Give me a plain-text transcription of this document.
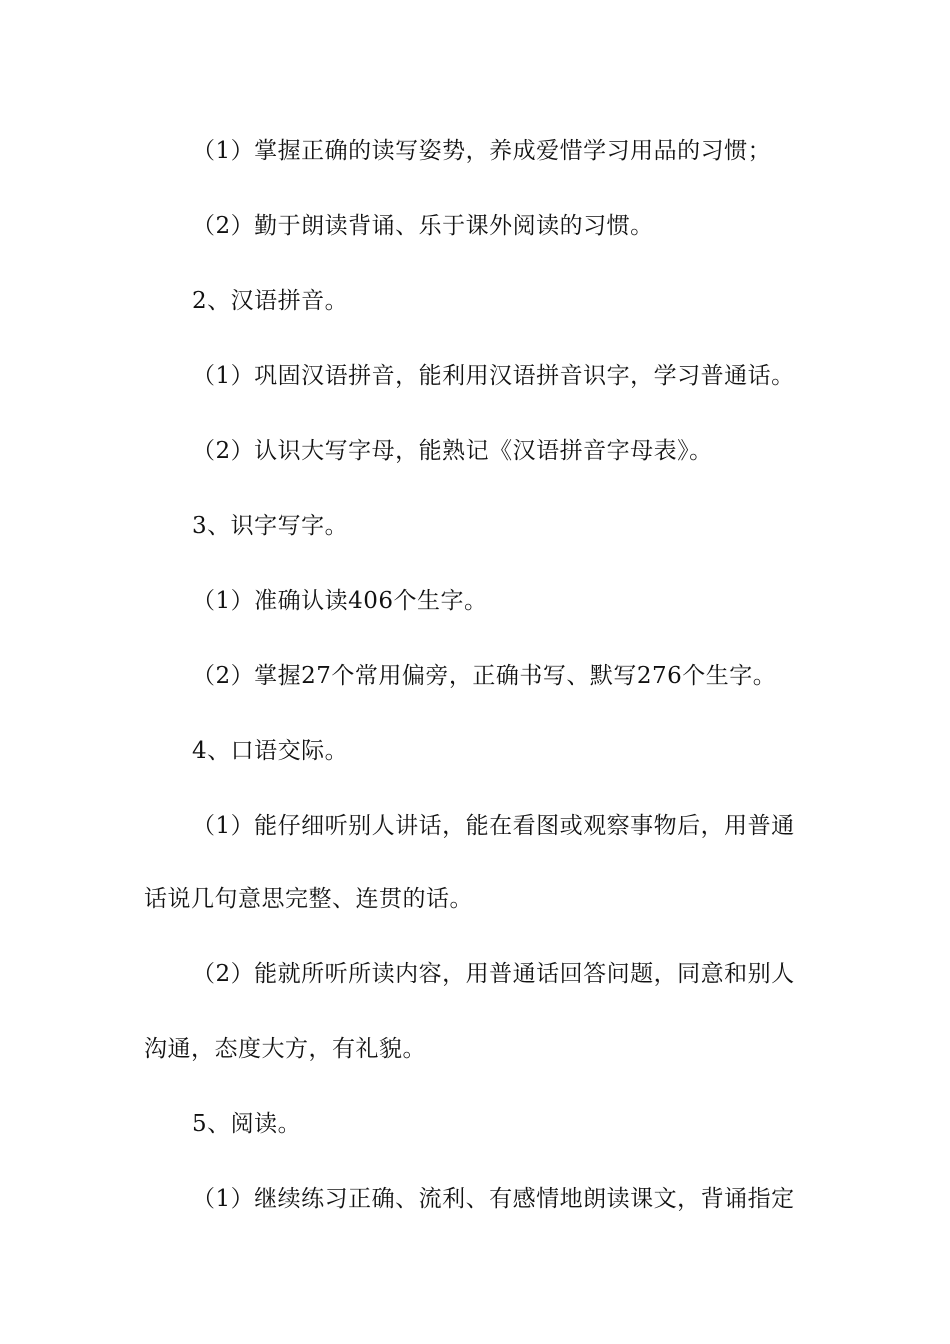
（1）掌握正确的读写姿势，养成爱惜学习用品的习惯；
（2）勤于朗读背诵、乐于课外阅读的习惯。
2、汉语拼音。
（1）巩固汉语拼音，能利用汉语拼音识字，学习普通话。
（2）认识大写字母，能熟记《汉语拼音字母表》。
3、识字写字。
（1）准确认读406个生字。
（2）掌握27个常用偏旁，正确书写、默写276个生字。
4、口语交际。
（1）能仔细听别人讲话，能在看图或观察事物后，用普通
话说几句意思完整、连贯的话。
（2）能就所听所读内容，用普通话回答问题，同意和别人
沟通，态度大方，有礼貌。
5、阅读。
（1）继续练习正确、流利、有感情地朗读课文，背诵指定
